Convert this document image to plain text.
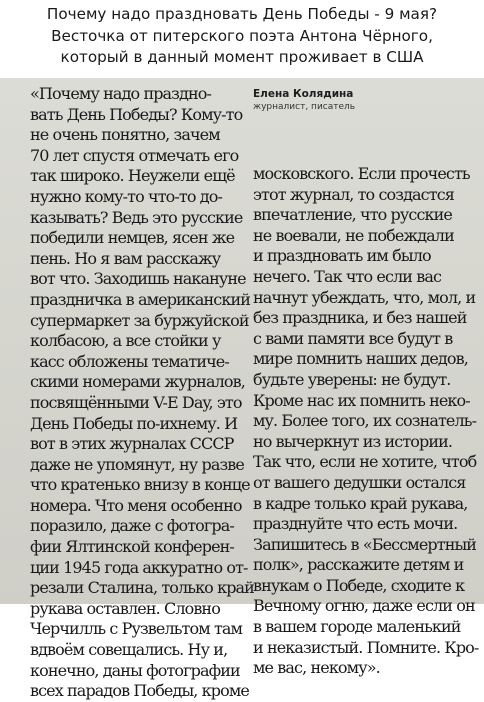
Почему надо праздновать День Победы - 9 мая?
Весточка от питерского поэта Антона Чёрного,
который в данный момент проживает в США
Елена Колядина
журналист, писатель
«Почему надо праздно-
вать День Победы? Кому-то
не очень понятно, зачем
70 лет спустя отмечать его
так широко. Неужели ещё
нужно кому-то что-то до-
казывать? Ведь это русские
победили немцев, ясен же
пень. Но я вам расскажу
вот что. Заходишь накануне
праздничка в американский
супермаркет за буржуйской
колбасою, а все стойки у
касс обложены тематиче-
скими номерами журналов,
посвящёнными V-E Day, это
День Победы по-ихнему. И
вот в этих журналах СССР
даже не упомянут, ну разве
что кратенько внизу в конце
номера. Что меня особенно
поразило, даже с фотогра-
фии Ялтинской конферен-
ции 1945 года аккуратно от-
резали Сталина, только край
рукава оставлен. Словно
Черчилль с Рузвельтом там
вдвоём совещались. Ну и,
конечно, даны фотографии
всех парадов Победы, кроме
московского. Если прочесть
этот журнал, то создастся
впечатление, что русские
не воевали, не побеждали
и праздновать им было
нечего. Так что если вас
начнут убеждать, что, мол, и
без праздника, и без нашей
с вами памяти все будут в
мире помнить наших дедов,
будьте уверены: не будут.
Кроме нас их помнить неко-
му. Более того, их сознатель-
но вычеркнут из истории.
Так что, если не хотите, чтоб
от вашего дедушки остался
в кадре только край рукава,
празднуйте что есть мочи.
Запишитесь в «Бессмертный
полк», расскажите детям и
внукам о Победе, сходите к
Вечному огню, даже если он
в вашем городе маленький
и неказистый. Помните. Кро-
ме вас, некому».
